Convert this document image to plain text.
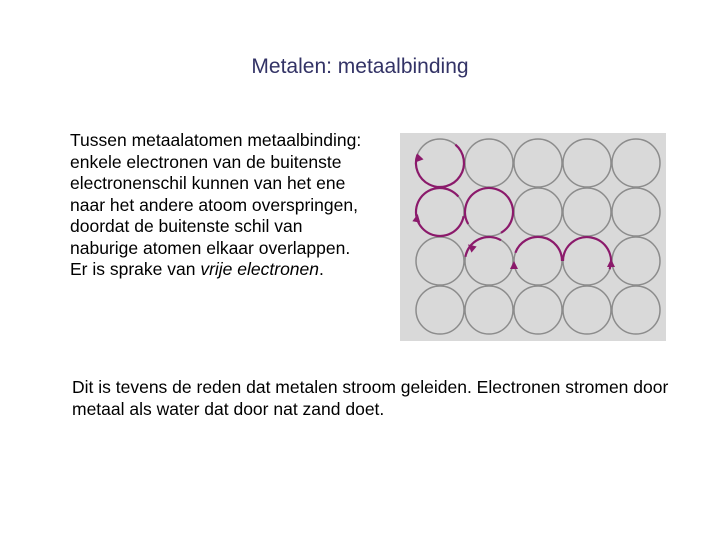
Metalen: metaalbinding

Tussen metaalatomen metaalbinding: enkele electronen van de buitenste electronenschil kunnen van het ene naar het andere atoom overspringen, doordat de buitenste schil van naburige atomen elkaar overlappen. Er is sprake van vrije electronen.

Dit is tevens de reden dat metalen stroom geleiden. Electronen stromen door metaal als water dat door nat zand doet.
